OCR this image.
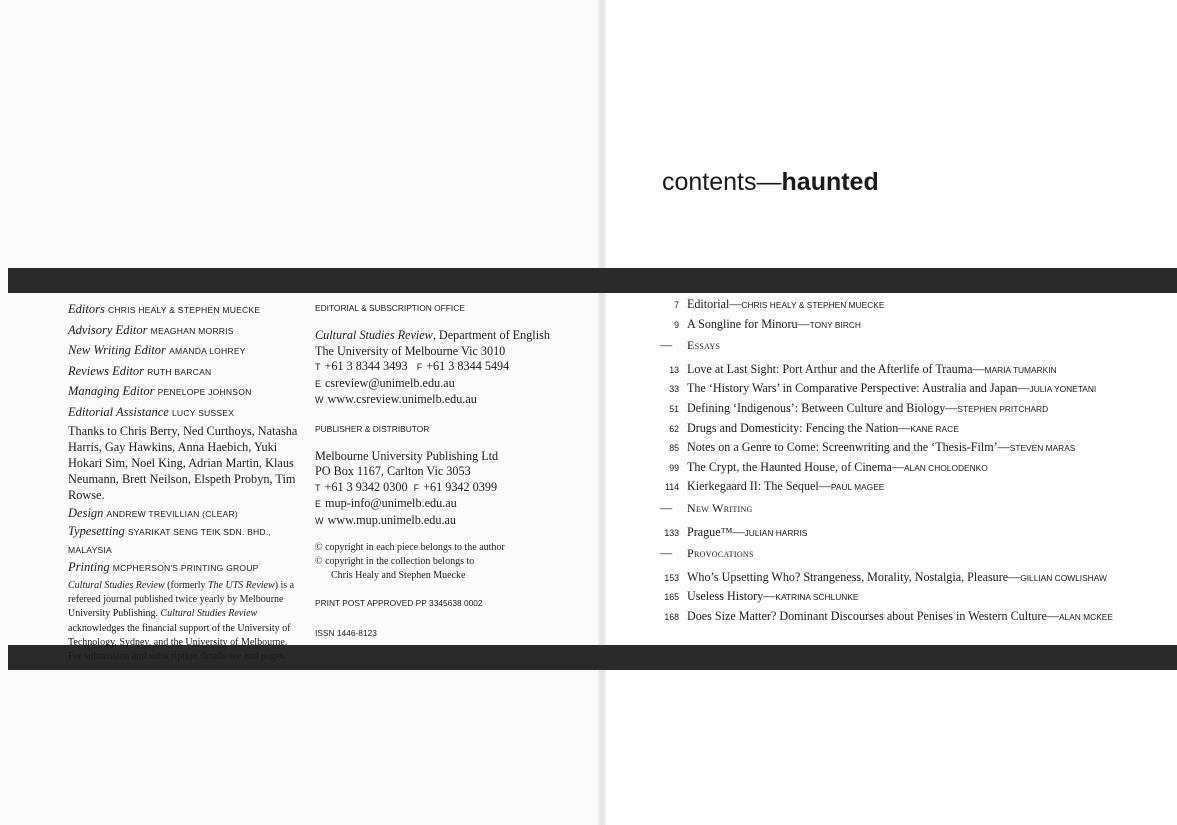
contents—haunted
Editors CHRIS HEALY & STEPHEN MUECKE
Advisory Editor MEAGHAN MORRIS
New Writing Editor AMANDA LOHREY
Reviews Editor RUTH BARCAN
Managing Editor PENELOPE JOHNSON
Editorial Assistance LUCY SUSSEX
Thanks to Chris Berry, Ned Curthoys, Natasha Harris, Gay Hawkins, Anna Haebich, Yuki Hokari Sim, Noel King, Adrian Martin, Klaus Neumann, Brett Neilson, Elspeth Probyn, Tim Rowse.
Design ANDREW TREVILLIAN (CLEAR)
Typesetting SYARIKAT SENG TEIK SDN. BHD., MALAYSIA
Printing MCPHERSON'S PRINTING GROUP
Cultural Studies Review (formerly The UTS Review) is a refereed journal published twice yearly by Melbourne University Publishing. Cultural Studies Review acknowledges the financial support of the University of Technology, Sydney, and the University of Melbourne.
For submission and subscription details see end pages.
EDITORIAL & SUBSCRIPTION OFFICE
Cultural Studies Review, Department of English
The University of Melbourne Vic 3010
T +61 3 8344 3493 F +61 3 8344 5494
E csreview@unimelb.edu.au
W www.csreview.unimelb.edu.au
PUBLISHER & DISTRIBUTOR
Melbourne University Publishing Ltd
PO Box 1167, Carlton Vic 3053
T +61 3 9342 0300 F +61 9342 0399
E mup-info@unimelb.edu.au
W www.mup.unimelb.edu.au
© copyright in each piece belongs to the author
© copyright in the collection belongs to
Chris Healy and Stephen Muecke
PRINT POST APPROVED PP 3345638 0002
ISSN 1446-8123
7 Editorial — CHRIS HEALY & STEPHEN MUECKE
9 A Songline for Minoru — TONY BIRCH
—	Essays
13 Love at Last Sight: Port Arthur and the Afterlife of Trauma — MARIA TUMARKIN
33 The ‘History Wars’ in Comparative Perspective: Australia and Japan — JULIA YONETANI
51 Defining ‘Indigenous’: Between Culture and Biology — STEPHEN PRITCHARD
62 Drugs and Domesticity: Fencing the Nation — KANE RACE
85 Notes on a Genre to Come: Screenwriting and the ‘Thesis-Film’ — STEVEN MARAS
99 The Crypt, the Haunted House, of Cinema — ALAN CHOLODENKO
114 Kierkegaard II: The Sequel — PAUL MAGEE
—	New Writing
133 Prague™ — JULIAN HARRIS
—	Provocations
153 Who’s Upsetting Who? Strangeness, Morality, Nostalgia, Pleasure — GILLIAN COWLISHAW
165 Useless History — KATRINA SCHLUNKE
168 Does Size Matter? Dominant Discourses about Penises in Western Culture — ALAN MCKEE
